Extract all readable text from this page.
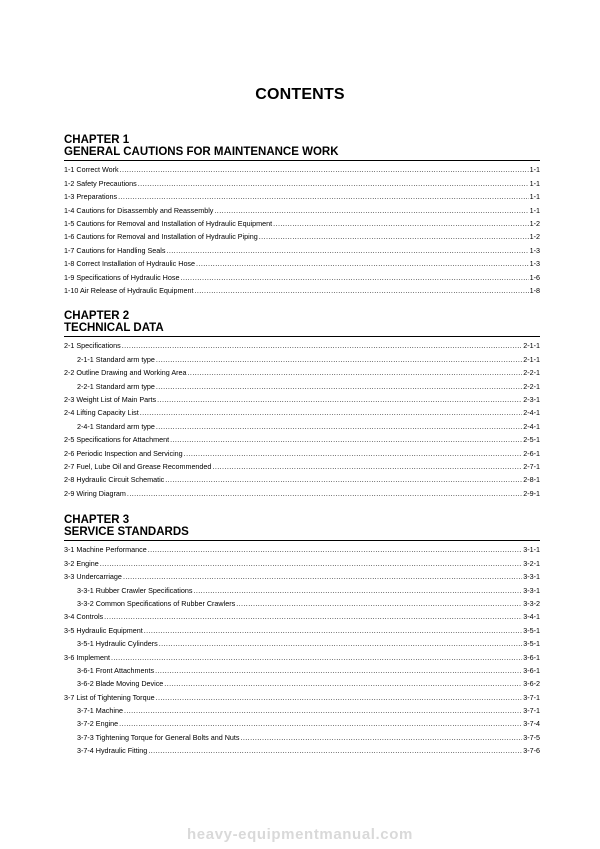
CONTENTS
CHAPTER 1
GENERAL CAUTIONS FOR MAINTENANCE WORK
1-1 Correct Work .....	1-1
1-2 Safety Precautions .....	1-1
1-3 Preparations .....	1-1
1-4 Cautions for Disassembly and Reassembly .....	1-1
1-5 Cautions for Removal and Installation of Hydraulic Equipment .....	1-2
1-6 Cautions for Removal and Installation of Hydraulic Piping .....	1-2
1-7 Cautions for Handling Seals .....	1-3
1-8 Correct Installation of Hydraulic Hose .....	1-3
1-9 Specifications of Hydraulic Hose .....	1-6
1-10 Air Release of Hydraulic Equipment .....	1-8
CHAPTER 2
TECHNICAL DATA
2-1 Specifications .....	2-1-1
2-1-1 Standard arm type .....	2-1-1
2-2 Outline Drawing and Working Area .....	2-2-1
2-2-1 Standard arm type .....	2-2-1
2-3 Weight List of Main Parts .....	2-3-1
2-4 Lifting Capacity List .....	2-4-1
2-4-1 Standard arm type .....	2-4-1
2-5 Specifications for Attachment .....	2-5-1
2-6 Periodic Inspection and Servicing .....	2-6-1
2-7 Fuel, Lube Oil and Grease Recommended .....	2-7-1
2-8 Hydraulic Circuit Schematic .....	2-8-1
2-9 Wiring Diagram .....	2-9-1
CHAPTER 3
SERVICE STANDARDS
3-1 Machine Performance .....	3-1-1
3-2 Engine .....	3-2-1
3-3 Undercarriage .....	3-3-1
3-3-1 Rubber Crawler Specifications .....	3-3-1
3-3-2 Common Specifications of Rubber Crawlers .....	3-3-2
3-4 Controls .....	3-4-1
3-5 Hydraulic Equipment .....	3-5-1
3-5-1 Hydraulic Cylinders .....	3-5-1
3-6 Implement .....	3-6-1
3-6-1 Front Attachments .....	3-6-1
3-6-2 Blade Moving Device .....	3-6-2
3-7 List of Tightening Torque .....	3-7-1
3-7-1 Machine .....	3-7-1
3-7-2 Engine .....	3-7-4
3-7-3 Tightening Torque for General Bolts and Nuts .....	3-7-5
3-7-4 Hydraulic Fitting .....	3-7-6
heavy-equipmentmanual.com
